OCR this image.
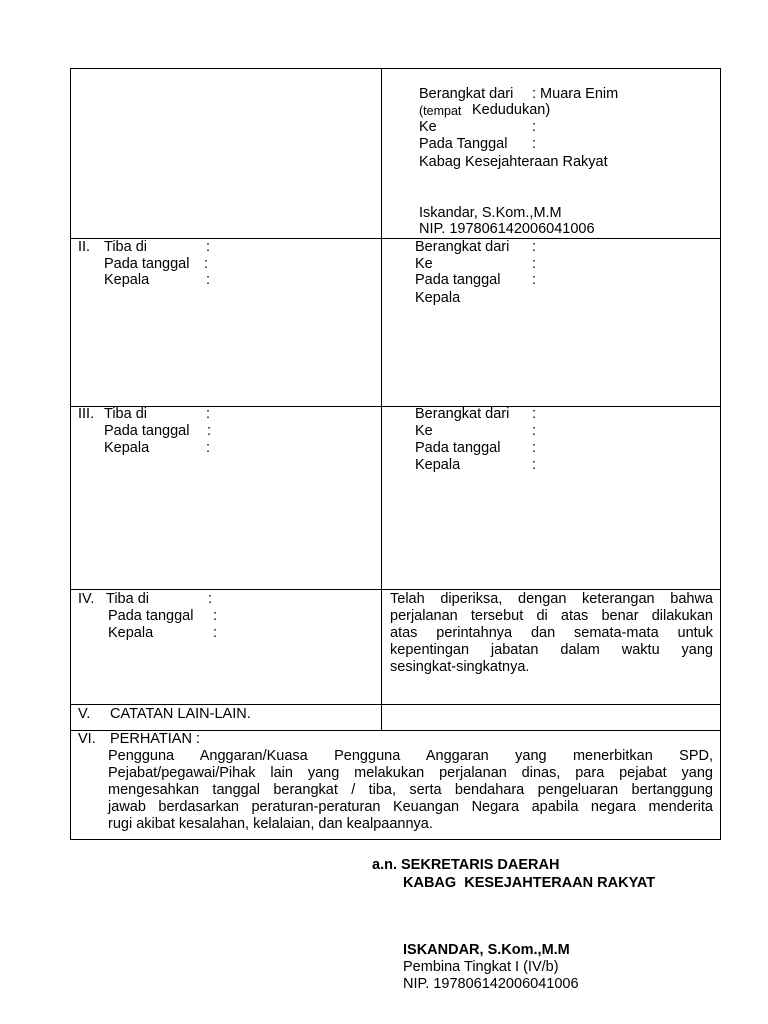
Berangkat dari : Muara Enim
(tempat Kedudukan)
Ke	:
Pada Tanggal :
Kabag Kesejahteraan Rakyat
Iskandar, S.Kom.,M.M
NIP. 197806142006041006
II. Tiba di	:
Pada tanggal :
Kepala	:
Berangkat dari :
Ke	:
Pada tanggal :
Kepala
III. Tiba di	:
Pada tanggal :
Kepala	:
Berangkat dari :
Ke	:
Pada tanggal :
Kepala	:
IV. Tiba di	:
Pada tanggal :
Kepala	:
Telah diperiksa, dengan keterangan bahwa
perjalanan tersebut di atas benar dilakukan
atas perintahnya dan semata-mata untuk
kepentingan jabatan dalam waktu yang
sesingkat-singkatnya.
V. CATATAN LAIN-LAIN.
VI. PERHATIAN :
Pengguna Anggaran/Kuasa Pengguna Anggaran yang menerbitkan SPD,
Pejabat/pegawai/Pihak lain yang melakukan perjalanan dinas, para pejabat yang
mengesahkan tanggal berangkat / tiba, serta bendahara pengeluaran bertanggung
jawab berdasarkan peraturan-peraturan Keuangan Negara apabila negara menderita
rugi akibat kesalahan, kelalaian, dan kealpaannya.
a.n. SEKRETARIS DAERAH
KABAG  KESEJAHTERAAN RAKYAT
ISKANDAR, S.Kom.,M.M
Pembina Tingkat I (IV/b)
NIP. 197806142006041006
